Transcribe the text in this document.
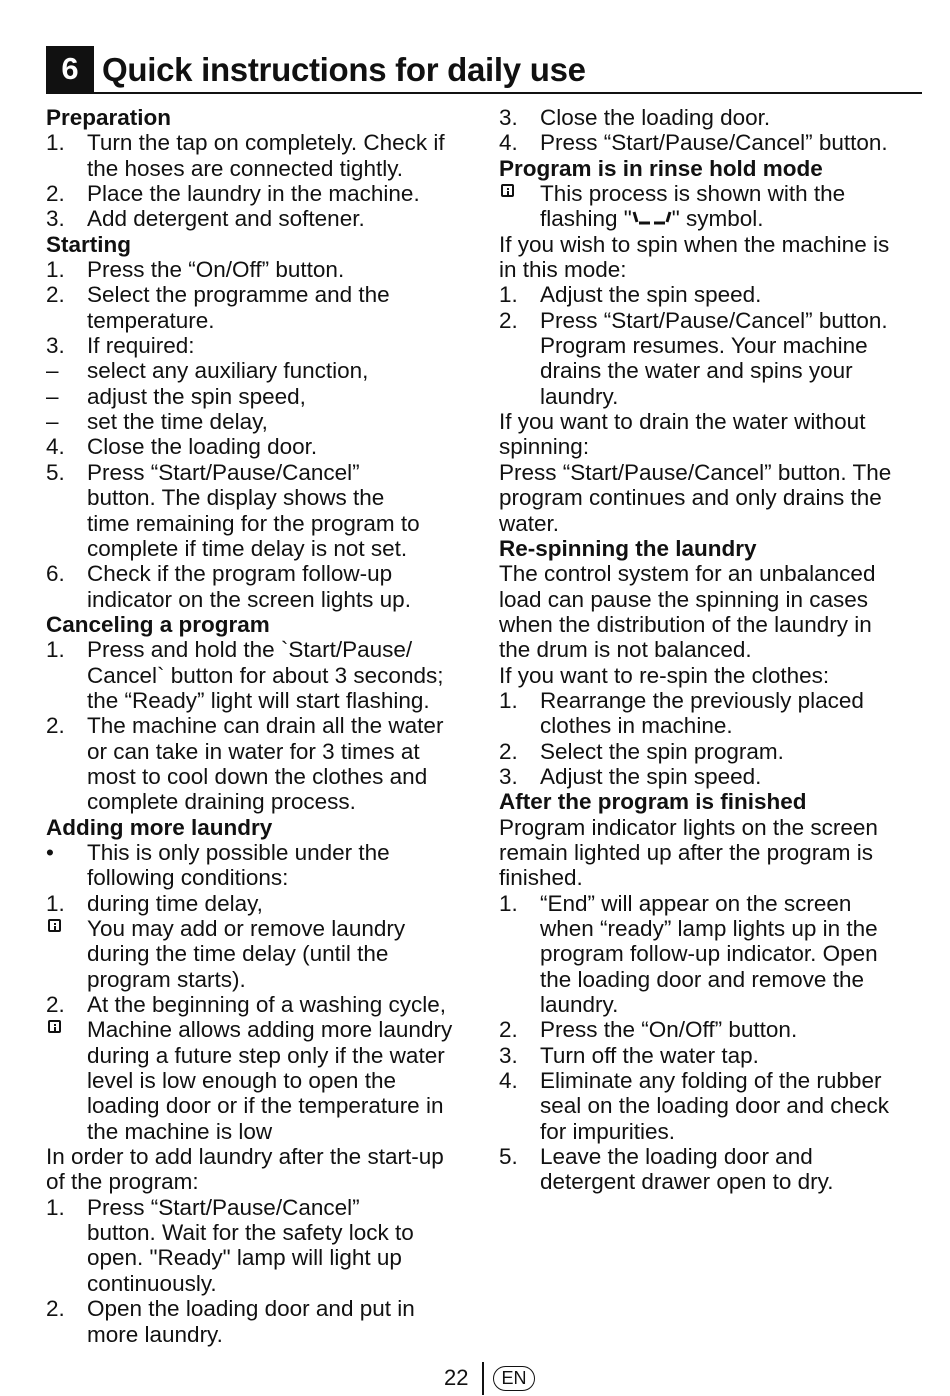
6 Quick instructions for daily use
Preparation
1. Turn the tap on completely. Check if
the hoses are connected tightly.
2. Place the laundry in the machine.
3. Add detergent and softener.
Starting
1. Press the “On/Off” button.
2. Select the programme and the
temperature.
3. If required:
–	select any auxiliary function,
–	adjust the spin speed,
–	set the time delay,
4. Close the loading door.
5. Press “Start/Pause/Cancel”
button. The display shows the
time remaining for the program to
complete if time delay is not set.
6. Check if the program follow-up
indicator on the screen lights up.
Canceling a program
1. Press and hold the `Start/Pause/
Cancel` button for about 3 seconds;
the “Ready” light will start flashing.
2. The machine can drain all the water
or can take in water for 3 times at
most to cool down the clothes and
complete draining process.
Adding more laundry
•	This is only possible under the
following conditions:
1. during time delay,
You may add or remove laundry
during the time delay (until the
program starts).
2. At the beginning of a washing cycle,
Machine allows adding more laundry
during a future step only if the water
level is low enough to open the
loading door or if the temperature in
the machine is low
In order to add laundry after the start-up
of the program:
1. Press “Start/Pause/Cancel”
button. Wait for the safety lock to
open. "Ready" lamp will light up
continuously.
2. Open the loading door and put in
more laundry.
3. Close the loading door.
4. Press “Start/Pause/Cancel” button.
Program is in rinse hold mode
This process is shown with the
flashing " " symbol.
If you wish to spin when the machine is
in this mode:
1. Adjust the spin speed.
2. Press “Start/Pause/Cancel” button.
Program resumes. Your machine
drains the water and spins your
laundry.
If you want to drain the water without
spinning:
Press “Start/Pause/Cancel” button. The
program continues and only drains the
water.
Re-spinning the laundry
The control system for an unbalanced
load can pause the spinning in cases
when the distribution of the laundry in
the drum is not balanced.
If you want to re-spin the clothes:
1. Rearrange the previously placed
clothes in machine.
2. Select the spin program.
3. Adjust the spin speed.
After the program is finished
Program indicator lights on the screen
remain lighted up after the program is
finished.
1. “End” will appear on the screen
when “ready” lamp lights up in the
program follow-up indicator. Open
the loading door and remove the
laundry.
2. Press the “On/Off” button.
3. Turn off the water tap.
4. Eliminate any folding of the rubber
seal on the loading door and check
for impurities.
5. Leave the loading door and
detergent drawer open to dry.
22	EN
